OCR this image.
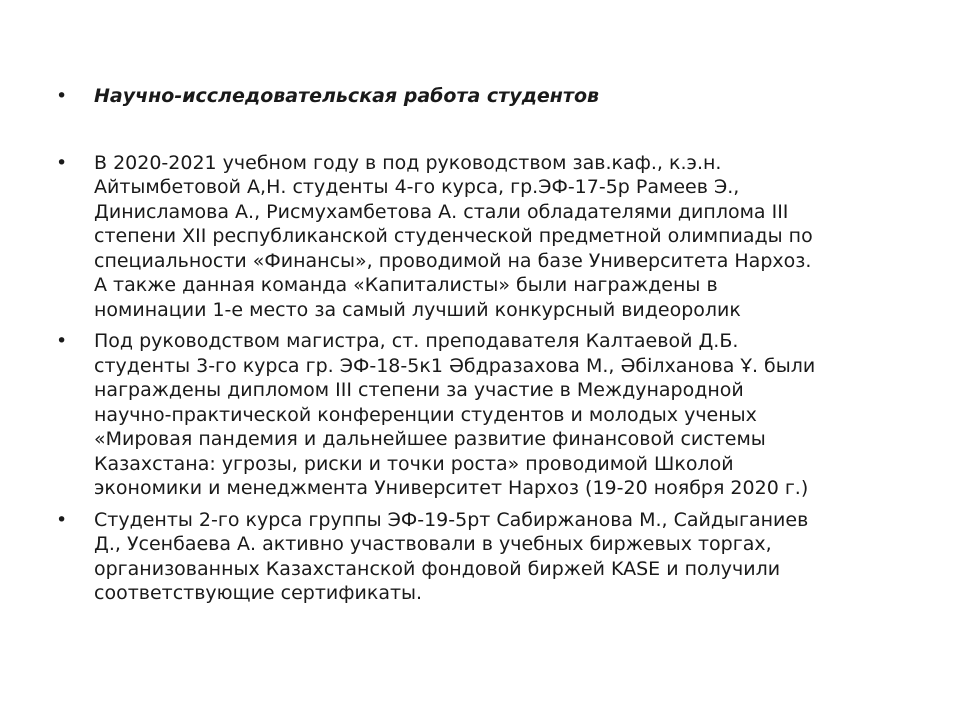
•	Научно-исследовательская работа студентов
•	В 2020-2021 учебном году в под руководством зав.каф., к.э.н.
Айтымбетовой А,Н. студенты 4-го курса, гр.ЭФ-17-5р Рамеев Э.,
Динисламова А., Рисмухамбетова А. стали обладателями диплома III
степени XII республиканской студенческой предметной олимпиады по
специальности «Финансы», проводимой на базе Университета Нархоз.
А также данная команда «Капиталисты» были награждены в
номинации 1-е место за самый лучший конкурсный видеоролик
•	Под руководством магистра, ст. преподавателя Калтаевой Д.Б.
студенты 3-го курса гр. ЭФ-18-5к1 Әбдразахова М., Әбілханова Ұ. были
награждены дипломом III степени за участие в Международной
научно-практической конференции студентов и молодых ученых
«Мировая пандемия и дальнейшее развитие финансовой системы
Казахстана: угрозы, риски и точки роста» проводимой Школой
экономики и менеджмента Университет Нархоз (19-20 ноября 2020 г.)
•	Студенты 2-го курса группы ЭФ-19-5рт Сабиржанова М., Сайдыганиев
Д., Усенбаева А. активно участвовали в учебных биржевых торгах,
организованных Казахстанской фондовой биржей KASE и получили
соответствующие сертификаты.
